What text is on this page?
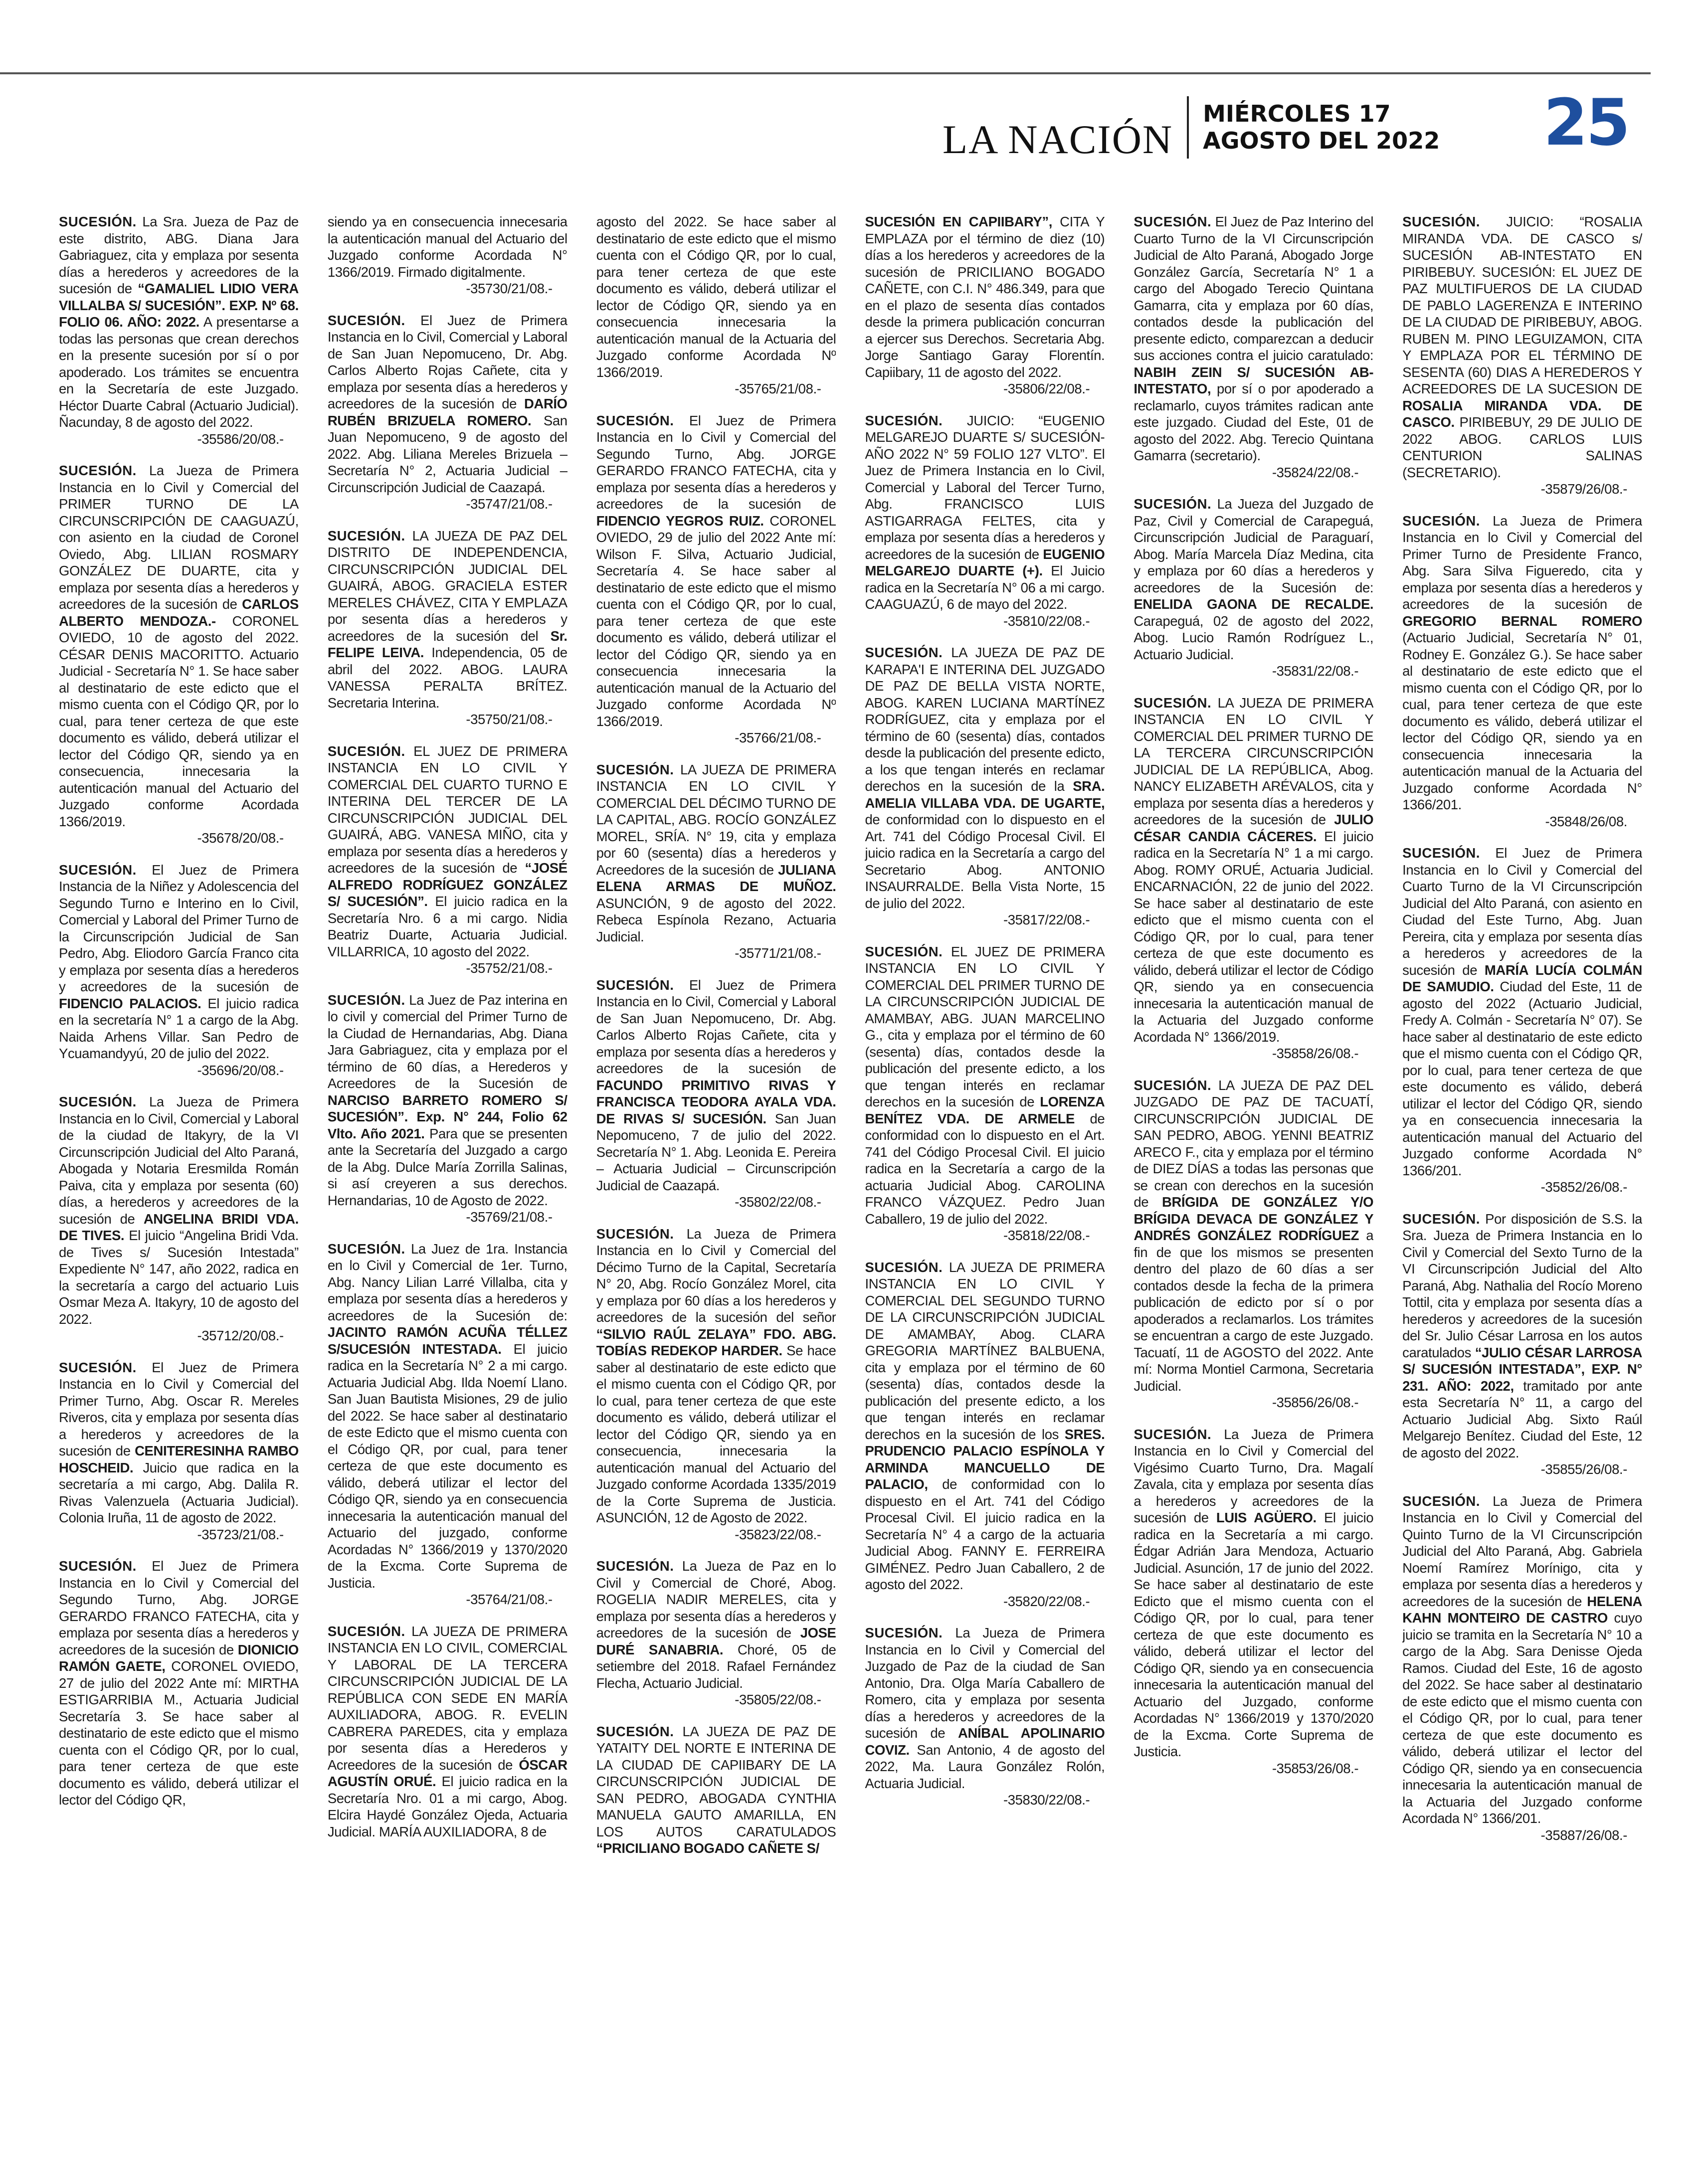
LA NACIÓN
MIÉRCOLES 17
AGOSTO DEL 2022 25

SUCESIÓN. La Sra. Jueza de Paz de este distrito, ABG. Diana Jara Gabriaguez, cita y emplaza por sesenta días a herederos y acreedores de la sucesión de “GAMALIEL LIDIO VERA VILLALBA S/ SUCESIÓN”. EXP. Nº 68. FOLIO 06. AÑO: 2022. A presentarse a todas las personas que crean derechos en la presente sucesión por sí o por apoderado. Los trámites se encuentra en la Secretaría de este Juzgado. Héctor Duarte Cabral (Actuario Judicial). Ñacunday, 8 de agosto del 2022.
-35586/20/08.-

SUCESIÓN. La Jueza de Primera Instancia en lo Civil y Comercial del PRIMER TURNO DE LA CIRCUNSCRIPCIÓN DE CAAGUAZÚ, con asiento en la ciudad de Coronel Oviedo, Abg. LILIAN ROSMARY GONZÁLEZ DE DUARTE, cita y emplaza por sesenta días a herederos y acreedores de la sucesión de CARLOS ALBERTO MENDOZA.- CORONEL OVIEDO, 10 de agosto del 2022. CÉSAR DENIS MACORITTO. Actuario Judicial - Secretaría N° 1. Se hace saber al destinatario de este edicto que el mismo cuenta con el Código QR, por lo cual, para tener certeza de que este documento es válido, deberá utilizar el lector del Código QR, siendo ya en consecuencia, innecesaria la autenticación manual del Actuario del Juzgado conforme Acordada 1366/2019.
-35678/20/08.-

SUCESIÓN. El Juez de Primera Instancia de la Niñez y Adolescencia del Segundo Turno e Interino en lo Civil, Comercial y Laboral del Primer Turno de la Circunscripción Judicial de San Pedro, Abg. Eliodoro García Franco cita y emplaza por sesenta días a herederos y acreedores de la sucesión de FIDENCIO PALACIOS. El juicio radica en la secretaría N° 1 a cargo de la Abg. Naida Arhens Villar. San Pedro de Ycuamandyyú, 20 de julio del 2022.
-35696/20/08.-

SUCESIÓN. La Jueza de Primera Instancia en lo Civil, Comercial y Laboral de la ciudad de Itakyry, de la VI Circunscripción Judicial del Alto Paraná, Abogada y Notaria Eresmilda Román Paiva, cita y emplaza por sesenta (60) días, a herederos y acreedores de la sucesión de ANGELINA BRIDI VDA. DE TIVES. El juicio “Angelina Bridi Vda. de Tives s/ Sucesión Intestada” Expediente N° 147, año 2022, radica en la secretaría a cargo del actuario Luis Osmar Meza A. Itakyry, 10 de agosto del 2022.
-35712/20/08.-

SUCESIÓN. El Juez de Primera Instancia en lo Civil y Comercial del Primer Turno, Abg. Oscar R. Mereles Riveros, cita y emplaza por sesenta días a herederos y acreedores de la sucesión de CENITERESINHA RAMBO HOSCHEID. Juicio que radica en la secretaría a mi cargo, Abg. Dalila R. Rivas Valenzuela (Actuaria Judicial). Colonia Iruña, 11 de agosto de 2022.
-35723/21/08.-

SUCESIÓN. El Juez de Primera Instancia en lo Civil y Comercial del Segundo Turno, Abg. JORGE GERARDO FRANCO FATECHA, cita y emplaza por sesenta días a herederos y acreedores de la sucesión de DIONICIO RAMÓN GAETE, CORONEL OVIEDO, 27 de julio del 2022 Ante mí: MIRTHA ESTIGARRIBIA M., Actuaria Judicial Secretaría 3. Se hace saber al destinatario de este edicto que el mismo cuenta con el Código QR, por lo cual, para tener certeza de que este documento es válido, deberá utilizar el lector del Código QR,

siendo ya en consecuencia innecesaria la autenticación manual del Actuario del Juzgado conforme Acordada N° 1366/2019. Firmado digitalmente.
-35730/21/08.-

SUCESIÓN. El Juez de Primera Instancia en lo Civil, Comercial y Laboral de San Juan Nepomuceno, Dr. Abg. Carlos Alberto Rojas Cañete, cita y emplaza por sesenta días a herederos y acreedores de la sucesión de DARÍO RUBÉN BRIZUELA ROMERO. San Juan Nepomuceno, 9 de agosto del 2022. Abg. Liliana Mereles Brizuela – Secretaría N° 2, Actuaria Judicial – Circunscripción Judicial de Caazapá.
-35747/21/08.-

SUCESIÓN. LA JUEZA DE PAZ DEL DISTRITO DE INDEPENDENCIA, CIRCUNSCRIPCIÓN JUDICIAL DEL GUAIRÁ, ABOG. GRACIELA ESTER MERELES CHÁVEZ, CITA Y EMPLAZA por sesenta días a herederos y acreedores de la sucesión del Sr. FELIPE LEIVA. Independencia, 05 de abril del 2022. ABOG. LAURA VANESSA PERALTA BRÍTEZ. Secretaria Interina.
-35750/21/08.-

SUCESIÓN. EL JUEZ DE PRIMERA INSTANCIA EN LO CIVIL Y COMERCIAL DEL CUARTO TURNO E INTERINA DEL TERCER DE LA CIRCUNSCRIPCIÓN JUDICIAL DEL GUAIRÁ, ABG. VANESA MIÑO, cita y emplaza por sesenta días a herederos y acreedores de la sucesión de “JOSÉ ALFREDO RODRÍGUEZ GONZÁLEZ S/ SUCESIÓN”. El juicio radica en la Secretaría Nro. 6 a mi cargo. Nidia Beatriz Duarte, Actuaria Judicial. VILLARRICA, 10 agosto del 2022.
-35752/21/08.-

SUCESIÓN. La Juez de Paz interina en lo civil y comercial del Primer Turno de la Ciudad de Hernandarias, Abg. Diana Jara Gabriaguez, cita y emplaza por el término de 60 días, a Herederos y Acreedores de la Sucesión de NARCISO BARRETO ROMERO S/ SUCESIÓN”. Exp. N° 244, Folio 62 Vlto. Año 2021. Para que se presenten ante la Secretaría del Juzgado a cargo de la Abg. Dulce María Zorrilla Salinas, si así creyeren a sus derechos. Hernandarias, 10 de Agosto de 2022.
-35769/21/08.-

SUCESIÓN. La Juez de 1ra. Instancia en lo Civil y Comercial de 1er. Turno, Abg. Nancy Lilian Larré Villalba, cita y emplaza por sesenta días a herederos y acreedores de la Sucesión de: JACINTO RAMÓN ACUÑA TÉLLEZ S/SUCESIÓN INTESTADA. El juicio radica en la Secretaría N° 2 a mi cargo. Actuaria Judicial Abg. Ilda Noemí Llano. San Juan Bautista Misiones, 29 de julio del 2022. Se hace saber al destinatario de este Edicto que el mismo cuenta con el Código QR, por cual, para tener certeza de que este documento es válido, deberá utilizar el lector del Código QR, siendo ya en consecuencia innecesaria la autenticación manual del Actuario del juzgado, conforme Acordadas N° 1366/2019 y 1370/2020 de la Excma. Corte Suprema de Justicia.
-35764/21/08.-

SUCESIÓN. LA JUEZA DE PRIMERA INSTANCIA EN LO CIVIL, COMERCIAL Y LABORAL DE LA TERCERA CIRCUNSCRIPCIÓN JUDICIAL DE LA REPÚBLICA CON SEDE EN MARÍA AUXILIADORA, ABOG. R. EVELIN CABRERA PAREDES, cita y emplaza por sesenta días a Herederos y Acreedores de la sucesión de ÓSCAR AGUSTÍN ORUÉ. El juicio radica en la Secretaría Nro. 01 a mi cargo, Abog. Elcira Haydé González Ojeda, Actuaria Judicial. MARÍA AUXILIADORA, 8 de

agosto del 2022. Se hace saber al destinatario de este edicto que el mismo cuenta con el Código QR, por lo cual, para tener certeza de que este documento es válido, deberá utilizar el lector de Código QR, siendo ya en consecuencia innecesaria la autenticación manual de la Actuaria del Juzgado conforme Acordada Nº 1366/2019.
-35765/21/08.-

SUCESIÓN. El Juez de Primera Instancia en lo Civil y Comercial del Segundo Turno, Abg. JORGE GERARDO FRANCO FATECHA, cita y emplaza por sesenta días a herederos y acreedores de la sucesión de FIDENCIO YEGROS RUIZ. CORONEL OVIEDO, 29 de julio del 2022 Ante mí: Wilson F. Silva, Actuario Judicial, Secretaría 4. Se hace saber al destinatario de este edicto que el mismo cuenta con el Código QR, por lo cual, para tener certeza de que este documento es válido, deberá utilizar el lector del Código QR, siendo ya en consecuencia innecesaria la autenticación manual de la Actuario del Juzgado conforme Acordada Nº 1366/2019.
-35766/21/08.-

SUCESIÓN. LA JUEZA DE PRIMERA INSTANCIA EN LO CIVIL Y COMERCIAL DEL DÉCIMO TURNO DE LA CAPITAL, ABG. ROCÍO GONZÁLEZ MOREL, SRÍA. N° 19, cita y emplaza por 60 (sesenta) días a herederos y Acreedores de la sucesión de JULIANA ELENA ARMAS DE MUÑOZ. ASUNCIÓN, 9 de agosto del 2022. Rebeca Espínola Rezano, Actuaria Judicial.
-35771/21/08.-

SUCESIÓN. El Juez de Primera Instancia en lo Civil, Comercial y Laboral de San Juan Nepomuceno, Dr. Abg. Carlos Alberto Rojas Cañete, cita y emplaza por sesenta días a herederos y acreedores de la sucesión de FACUNDO PRIMITIVO RIVAS Y FRANCISCA TEODORA AYALA VDA. DE RIVAS S/ SUCESIÓN. San Juan Nepomuceno, 7 de julio del 2022. Secretaría N° 1. Abg. Leonida E. Pereira – Actuaria Judicial – Circunscripción Judicial de Caazapá.
-35802/22/08.-

SUCESIÓN. La Jueza de Primera Instancia en lo Civil y Comercial del Décimo Turno de la Capital, Secretaría N° 20, Abg. Rocío González Morel, cita y emplaza por 60 días a los herederos y acreedores de la sucesión del señor “SILVIO RAÚL ZELAYA” FDO. ABG. TOBÍAS REDEKOP HARDER. Se hace saber al destinatario de este edicto que el mismo cuenta con el Código QR, por lo cual, para tener certeza de que este documento es válido, deberá utilizar el lector del Código QR, siendo ya en consecuencia, innecesaria la autenticación manual del Actuario del Juzgado conforme Acordada 1335/2019 de la Corte Suprema de Justicia. ASUNCIÓN, 12 de Agosto de 2022.
-35823/22/08.-

SUCESIÓN. La Jueza de Paz en lo Civil y Comercial de Choré, Abog. ROGELIA NADIR MERELES, cita y emplaza por sesenta días a herederos y acreedores de la sucesión de JOSE DURÉ SANABRIA. Choré, 05 de setiembre del 2018. Rafael Fernández Flecha, Actuario Judicial.
-35805/22/08.-

SUCESIÓN. LA JUEZA DE PAZ DE YATAITY DEL NORTE E INTERINA DE LA CIUDAD DE CAPIIBARY DE LA CIRCUNSCRIPCIÓN JUDICIAL DE SAN PEDRO, ABOGADA CYNTHIA MANUELA GAUTO AMARILLA, EN LOS AUTOS CARATULADOS “PRICILIANO BOGADO CAÑETE S/

SUCESIÓN EN CAPIIBARY”, CITA Y EMPLAZA por el término de diez (10) días a los herederos y acreedores de la sucesión de PRICILIANO BOGADO CAÑETE, con C.I. N° 486.349, para que en el plazo de sesenta días contados desde la primera publicación concurran a ejercer sus Derechos. Secretaria Abg. Jorge Santiago Garay Florentín. Capiibary, 11 de agosto del 2022.
-35806/22/08.-

SUCESIÓN. JUICIO: “EUGENIO MELGAREJO DUARTE S/ SUCESIÓN-AÑO 2022 N° 59 FOLIO 127 VLTO”. El Juez de Primera Instancia en lo Civil, Comercial y Laboral del Tercer Turno, Abg. FRANCISCO LUIS ASTIGARRAGA FELTES, cita y emplaza por sesenta días a herederos y acreedores de la sucesión de EUGENIO MELGAREJO DUARTE (+). El Juicio radica en la Secretaría N° 06 a mi cargo. CAAGUAZÚ, 6 de mayo del 2022.
-35810/22/08.-

SUCESIÓN. LA JUEZA DE PAZ DE KARAPA'I E INTERINA DEL JUZGADO DE PAZ DE BELLA VISTA NORTE, ABOG. KAREN LUCIANA MARTÍNEZ RODRÍGUEZ, cita y emplaza por el término de 60 (sesenta) días, contados desde la publicación del presente edicto, a los que tengan interés en reclamar derechos en la sucesión de la SRA. AMELIA VILLABA VDA. DE UGARTE, de conformidad con lo dispuesto en el Art. 741 del Código Procesal Civil. El juicio radica en la Secretaría a cargo del Secretario Abog. ANTONIO INSAURRALDE. Bella Vista Norte, 15 de julio del 2022.
-35817/22/08.-

SUCESIÓN. EL JUEZ DE PRIMERA INSTANCIA EN LO CIVIL Y COMERCIAL DEL PRIMER TURNO DE LA CIRCUNSCRIPCIÓN JUDICIAL DE AMAMBAY, ABG. JUAN MARCELINO G., cita y emplaza por el término de 60 (sesenta) días, contados desde la publicación del presente edicto, a los que tengan interés en reclamar derechos en la sucesión de LORENZA BENÍTEZ VDA. DE ARMELE de conformidad con lo dispuesto en el Art. 741 del Código Procesal Civil. El juicio radica en la Secretaría a cargo de la actuaria Judicial Abog. CAROLINA FRANCO VÁZQUEZ. Pedro Juan Caballero, 19 de julio del 2022.
-35818/22/08.-

SUCESIÓN. LA JUEZA DE PRIMERA INSTANCIA EN LO CIVIL Y COMERCIAL DEL SEGUNDO TURNO DE LA CIRCUNSCRIPCIÓN JUDICIAL DE AMAMBAY, Abog. CLARA GREGORIA MARTÍNEZ BALBUENA, cita y emplaza por el término de 60 (sesenta) días, contados desde la publicación del presente edicto, a los que tengan interés en reclamar derechos en la sucesión de los SRES. PRUDENCIO PALACIO ESPÍNOLA Y ARMINDA MANCUELLO DE PALACIO, de conformidad con lo dispuesto en el Art. 741 del Código Procesal Civil. El juicio radica en la Secretaría N° 4 a cargo de la actuaria Judicial Abog. FANNY E. FERREIRA GIMÉNEZ. Pedro Juan Caballero, 2 de agosto del 2022.
-35820/22/08.-

SUCESIÓN. La Jueza de Primera Instancia en lo Civil y Comercial del Juzgado de Paz de la ciudad de San Antonio, Dra. Olga María Caballero de Romero, cita y emplaza por sesenta días a herederos y acreedores de la sucesión de ANÍBAL APOLINARIO COVIZ. San Antonio, 4 de agosto del 2022, Ma. Laura González Rolón, Actuaria Judicial.
-35830/22/08.-

SUCESIÓN. El Juez de Paz Interino del Cuarto Turno de la VI Circunscripción Judicial de Alto Paraná, Abogado Jorge González García, Secretaría N° 1 a cargo del Abogado Terecio Quintana Gamarra, cita y emplaza por 60 días, contados desde la publicación del presente edicto, comparezcan a deducir sus acciones contra el juicio caratulado: NABIH ZEIN S/ SUCESIÓN AB-INTESTATO, por sí o por apoderado a reclamarlo, cuyos trámites radican ante este juzgado. Ciudad del Este, 01 de agosto del 2022. Abg. Terecio Quintana Gamarra (secretario).
-35824/22/08.-

SUCESIÓN. La Jueza del Juzgado de Paz, Civil y Comercial de Carapeguá, Circunscripción Judicial de Paraguarí, Abog. María Marcela Díaz Medina, cita y emplaza por 60 días a herederos y acreedores de la Sucesión de: ENELIDA GAONA DE RECALDE. Carapeguá, 02 de agosto del 2022, Abog. Lucio Ramón Rodríguez L., Actuario Judicial.
-35831/22/08.-

SUCESIÓN. LA JUEZA DE PRIMERA INSTANCIA EN LO CIVIL Y COMERCIAL DEL PRIMER TURNO DE LA TERCERA CIRCUNSCRIPCIÓN JUDICIAL DE LA REPÚBLICA, Abog. NANCY ELIZABETH ARÉVALOS, cita y emplaza por sesenta días a herederos y acreedores de la sucesión de JULIO CÉSAR CANDIA CÁCERES. El juicio radica en la Secretaría N° 1 a mi cargo. Abog. ROMY ORUÉ, Actuaria Judicial. ENCARNACIÓN, 22 de junio del 2022. Se hace saber al destinatario de este edicto que el mismo cuenta con el Código QR, por lo cual, para tener certeza de que este documento es válido, deberá utilizar el lector de Código QR, siendo ya en consecuencia innecesaria la autenticación manual de la Actuaria del Juzgado conforme Acordada N° 1366/2019.
-35858/26/08.-

SUCESIÓN. LA JUEZA DE PAZ DEL JUZGADO DE PAZ DE TACUATÍ, CIRCUNSCRIPCIÓN JUDICIAL DE SAN PEDRO, ABOG. YENNI BEATRIZ ARECO F., cita y emplaza por el término de DIEZ DÍAS a todas las personas que se crean con derechos en la sucesión de BRÍGIDA DE GONZÁLEZ Y/O BRÍGIDA DEVACA DE GONZÁLEZ Y ANDRÉS GONZÁLEZ RODRÍGUEZ a fin de que los mismos se presenten dentro del plazo de 60 días a ser contados desde la fecha de la primera publicación de edicto por sí o por apoderados a reclamarlos. Los trámites se encuentran a cargo de este Juzgado. Tacuatí, 11 de AGOSTO del 2022. Ante mí: Norma Montiel Carmona, Secretaria Judicial.
-35856/26/08.-

SUCESIÓN. La Jueza de Primera Instancia en lo Civil y Comercial del Vigésimo Cuarto Turno, Dra. Magalí Zavala, cita y emplaza por sesenta días a herederos y acreedores de la sucesión de LUIS AGÜERO. El juicio radica en la Secretaría a mi cargo. Édgar Adrián Jara Mendoza, Actuario Judicial. Asunción, 17 de junio del 2022. Se hace saber al destinatario de este Edicto que el mismo cuenta con el Código QR, por lo cual, para tener certeza de que este documento es válido, deberá utilizar el lector del Código QR, siendo ya en consecuencia innecesaria la autenticación manual del Actuario del Juzgado, conforme Acordadas N° 1366/2019 y 1370/2020 de la Excma. Corte Suprema de Justicia.
-35853/26/08.-

SUCESIÓN. JUICIO: “ROSALIA MIRANDA VDA. DE CASCO s/ SUCESIÓN AB-INTESTATO EN PIRIBEBUY. SUCESIÓN: EL JUEZ DE PAZ MULTIFUEROS DE LA CIUDAD DE PABLO LAGERENZA E INTERINO DE LA CIUDAD DE PIRIBEBUY, ABOG. RUBEN M. PINO LEGUIZAMON, CITA Y EMPLAZA POR EL TÉRMINO DE SESENTA (60) DIAS A HEREDEROS Y ACREEDORES DE LA SUCESION DE ROSALIA MIRANDA VDA. DE CASCO. PIRIBEBUY, 29 DE JULIO DE 2022 ABOG. CARLOS LUIS CENTURION SALINAS (SECRETARIO).
-35879/26/08.-

SUCESIÓN. La Jueza de Primera Instancia en lo Civil y Comercial del Primer Turno de Presidente Franco, Abg. Sara Silva Figueredo, cita y emplaza por sesenta días a herederos y acreedores de la sucesión de GREGORIO BERNAL ROMERO (Actuario Judicial, Secretaría N° 01, Rodney E. González G.). Se hace saber al destinatario de este edicto que el mismo cuenta con el Código QR, por lo cual, para tener certeza de que este documento es válido, deberá utilizar el lector del Código QR, siendo ya en consecuencia innecesaria la autenticación manual de la Actuaria del Juzgado conforme Acordada N° 1366/201.
-35848/26/08.

SUCESIÓN. El Juez de Primera Instancia en lo Civil y Comercial del Cuarto Turno de la VI Circunscripción Judicial del Alto Paraná, con asiento en Ciudad del Este Turno, Abg. Juan Pereira, cita y emplaza por sesenta días a herederos y acreedores de la sucesión de MARÍA LUCÍA COLMÁN DE SAMUDIO. Ciudad del Este, 11 de agosto del 2022 (Actuario Judicial, Fredy A. Colmán - Secretaría N° 07). Se hace saber al destinatario de este edicto que el mismo cuenta con el Código QR, por lo cual, para tener certeza de que este documento es válido, deberá utilizar el lector del Código QR, siendo ya en consecuencia innecesaria la autenticación manual del Actuario del Juzgado conforme Acordada N° 1366/201.
-35852/26/08.-

SUCESIÓN. Por disposición de S.S. la Sra. Jueza de Primera Instancia en lo Civil y Comercial del Sexto Turno de la VI Circunscripción Judicial del Alto Paraná, Abg. Nathalia del Rocío Moreno Tottil, cita y emplaza por sesenta días a herederos y acreedores de la sucesión del Sr. Julio César Larrosa en los autos caratulados “JULIO CÉSAR LARROSA S/ SUCESIÓN INTESTADA”, EXP. N° 231. AÑO: 2022, tramitado por ante esta Secretaría N° 11, a cargo del Actuario Judicial Abg. Sixto Raúl Melgarejo Benítez. Ciudad del Este, 12 de agosto del 2022.
-35855/26/08.-

SUCESIÓN. La Jueza de Primera Instancia en lo Civil y Comercial del Quinto Turno de la VI Circunscripción Judicial del Alto Paraná, Abg. Gabriela Noemí Ramírez Morínigo, cita y emplaza por sesenta días a herederos y acreedores de la sucesión de HELENA KAHN MONTEIRO DE CASTRO cuyo juicio se tramita en la Secretaría N° 10 a cargo de la Abg. Sara Denisse Ojeda Ramos. Ciudad del Este, 16 de agosto del 2022. Se hace saber al destinatario de este edicto que el mismo cuenta con el Código QR, por lo cual, para tener certeza de que este documento es válido, deberá utilizar el lector del Código QR, siendo ya en consecuencia innecesaria la autenticación manual de la Actuaria del Juzgado conforme Acordada N° 1366/201.
-35887/26/08.-
